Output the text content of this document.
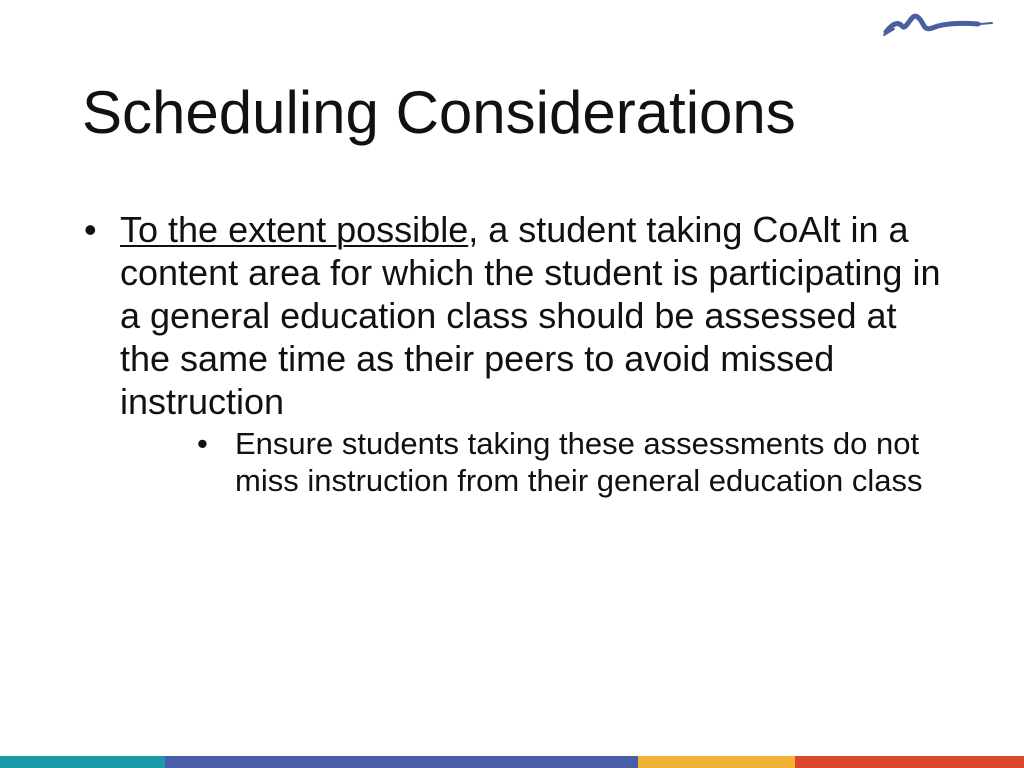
Scheduling Considerations
• To the extent possible, a student taking CoAlt in a content area for which the student is participating in a general education class should be assessed at the same time as their peers to avoid missed instruction
• Ensure students taking these assessments do not miss instruction from their general education class
